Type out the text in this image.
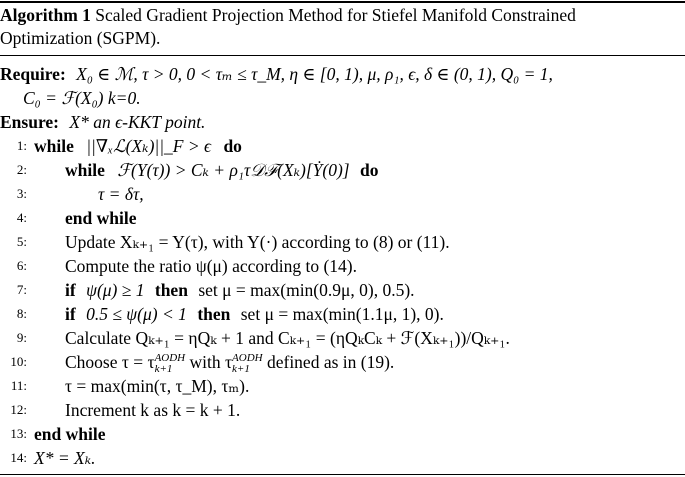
Algorithm 1 Scaled Gradient Projection Method for Stiefel Manifold Constrained
Optimization (SGPM).
Require: X₀ ∈ ℳ, τ > 0, 0 < τₘ ≤ τ_M, η ∈ [0, 1), μ, ρ₁, ϵ, δ ∈ (0, 1), Q₀ = 1,
C₀ = ℱ(X₀) k=0.
Ensure: X* an ϵ-KKT point.
1: while ||∇ₓℒ(Xₖ)||_F > ϵ do
2: while ℱ(Y(τ)) > Cₖ + ρ₁τ𝒟ℱ(Xₖ)[Ẏ(0)] do
3:	τ = δτ,
4: end while
5: Update Xₖ₊₁ = Y(τ), with Y(·) according to (8) or (11).
6: Compute the ratio ψ(μ) according to (14).
7: if ψ(μ) ≥ 1 then set μ = max(min(0.9μ, 0), 0.5).
8: if 0.5 ≤ ψ(μ) < 1 then set μ = max(min(1.1μ, 1), 0).
9: Calculate Qₖ₊₁ = ηQₖ + 1 and Cₖ₊₁ = (ηQₖCₖ + ℱ(Xₖ₊₁))/Qₖ₊₁.
10: Choose τ = τ AODH
k+1 with τ AODH
k+1 defined as in (19).
11: τ = max(min(τ, τ_M), τₘ).
12: Increment k as k = k + 1.
13: end while
14: X* = Xₖ.
